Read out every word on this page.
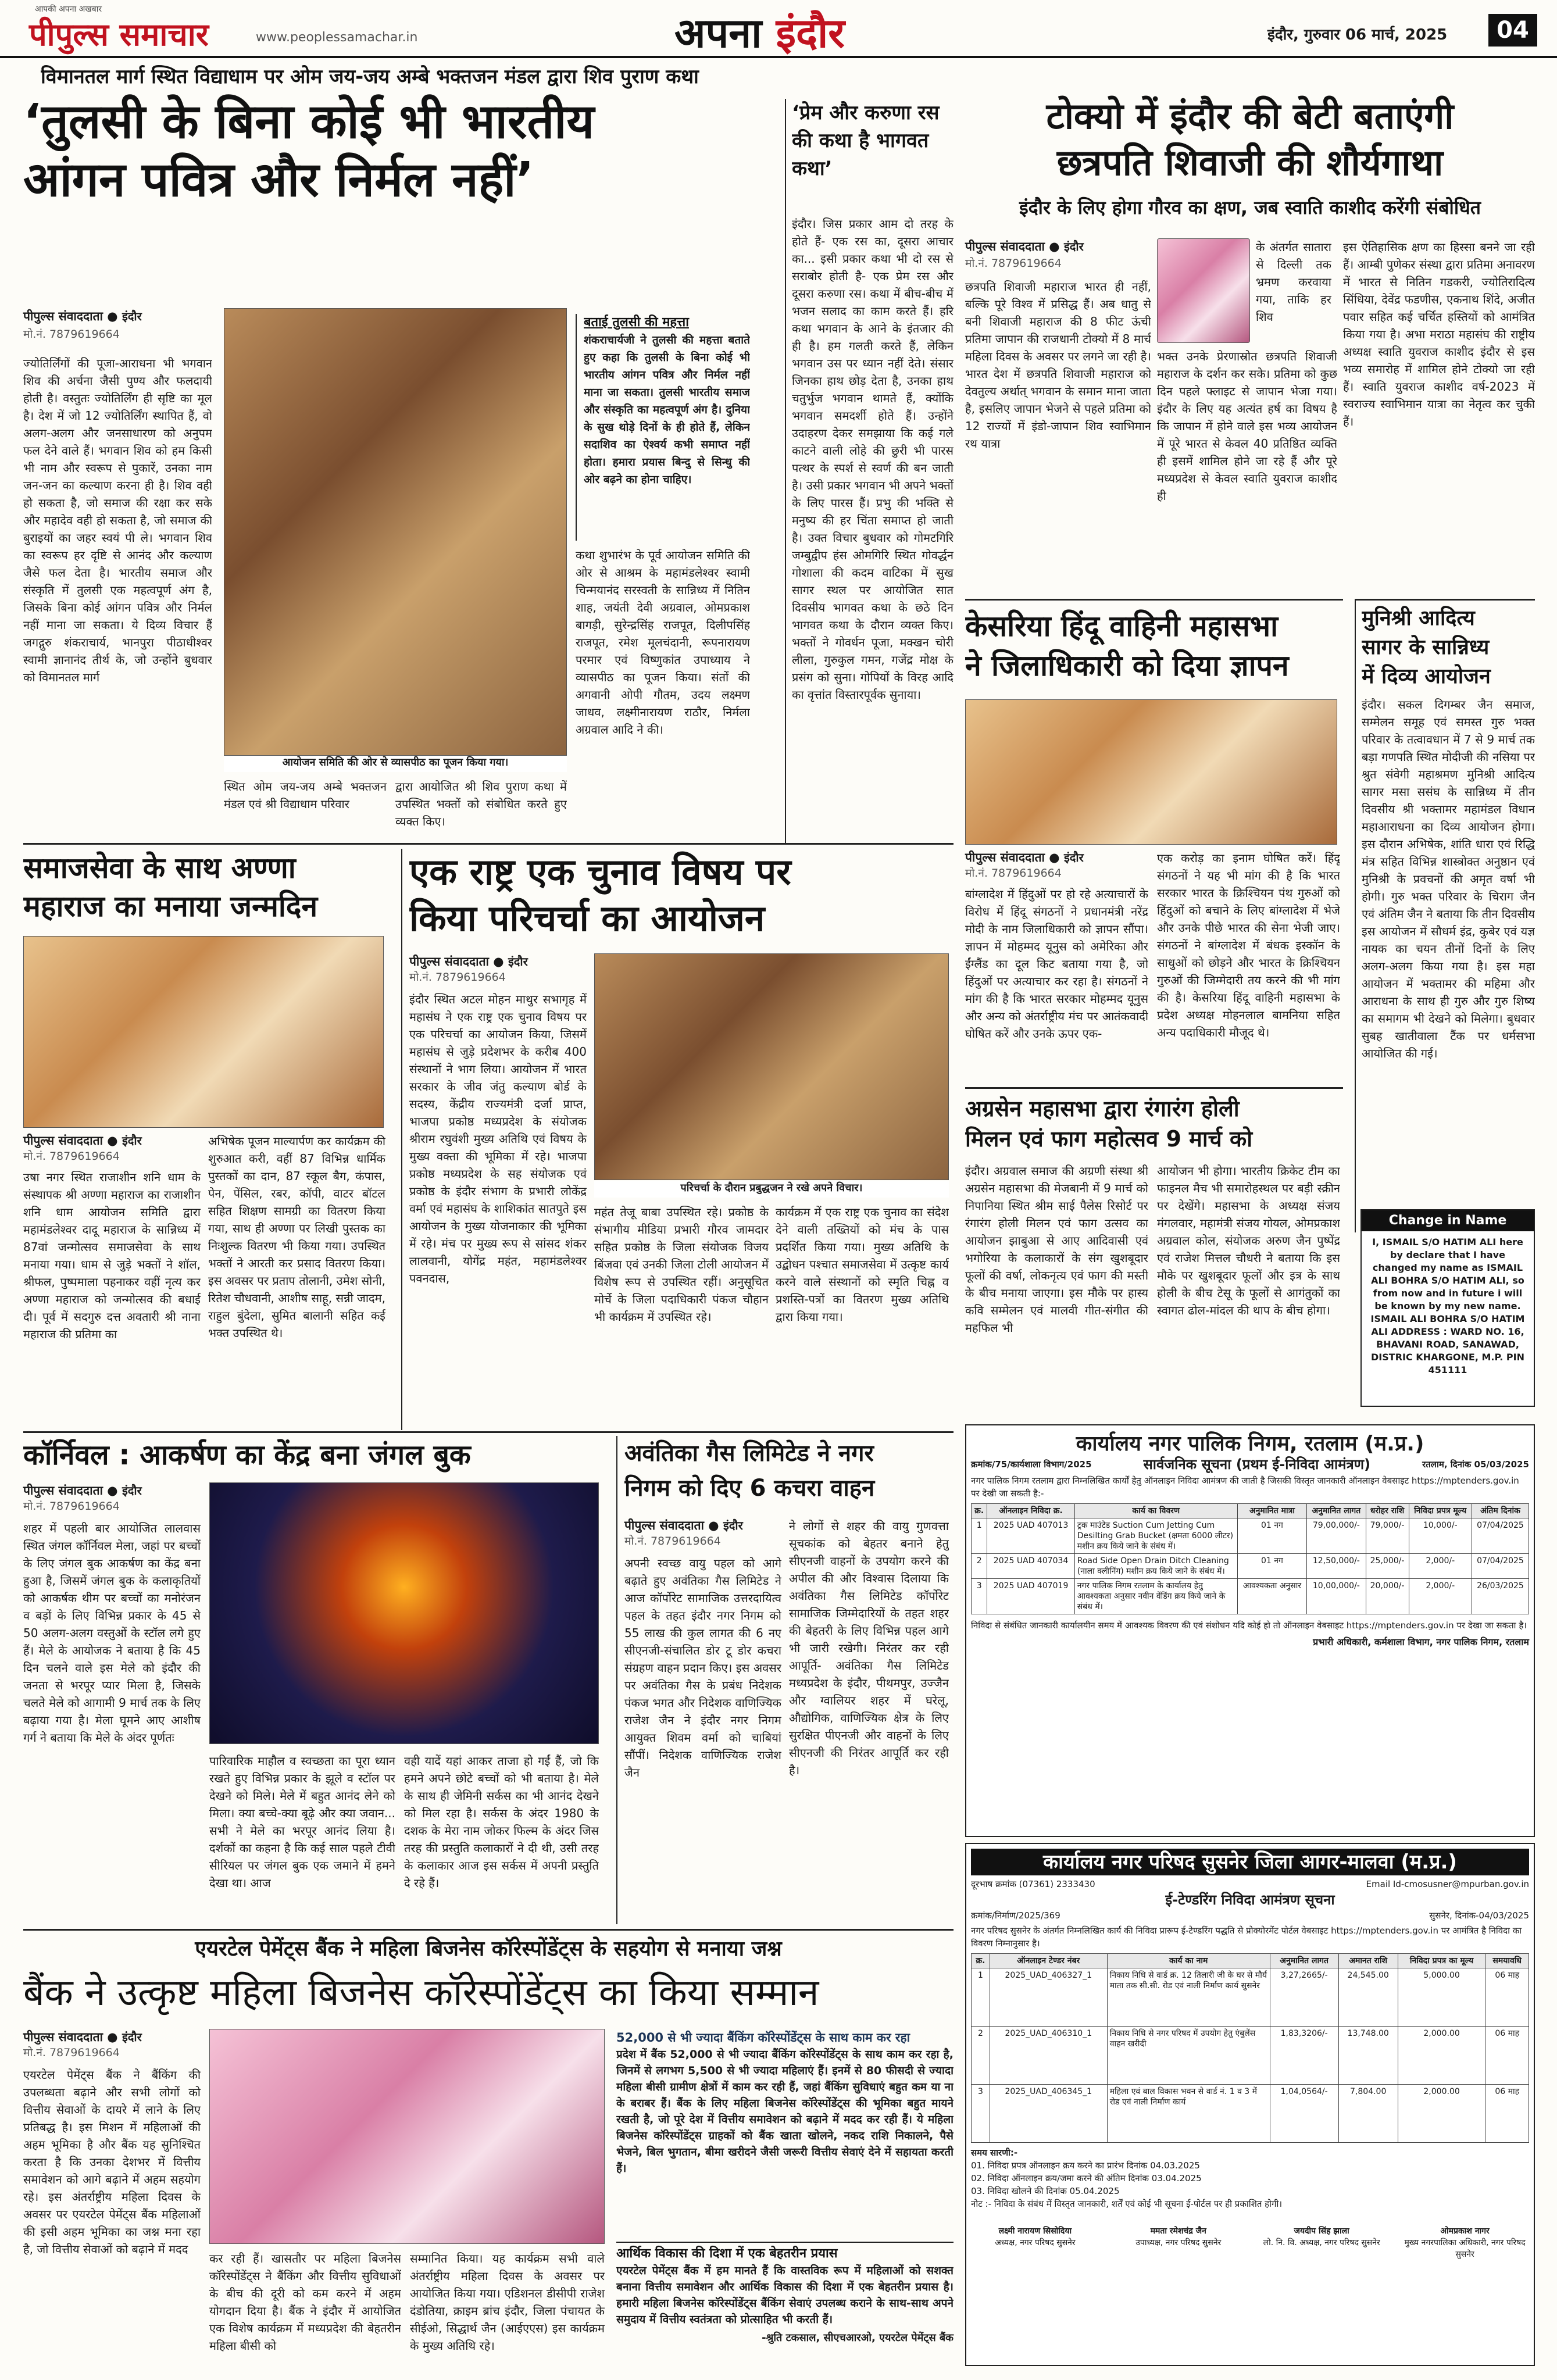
आपकी अपना अखबार
पीपुल्स समाचार	www.peoplessamachar.in	अपना इंदौर	इंदौर, गुरुवार 06 मार्च, 2025	04
विमानतल मार्ग स्थित विद्याधाम पर ओम जय-जय अम्बे भक्तजन मंडल द्वारा शिव पुराण कथा
‘तुलसी के बिना कोई भी भारतीय
आंगन पवित्र और निर्मल नहीं’
पीपुल्स संवाददाता ● इंदौर
मो.नं. 7879619664
ज्योतिर्लिंगों की पूजा-आराधना भी भगवान शिव की अर्चना जैसी पुण्य और फलदायी होती है। वस्तुतः ज्योतिर्लिंग ही सृष्टि का मूल है। देश में जो 12 ज्योतिर्लिंग स्थापित हैं, वो अलग-अलग और जनसाधारण को अनुपम फल देने वाले हैं। भगवान शिव को हम किसी भी नाम और स्वरूप से पुकारें, उनका नाम जन-जन का कल्याण करना ही है। शिव वही हो सकता है, जो समाज की रक्षा कर सके और महादेव वही हो सकता है, जो समाज की बुराइयों का जहर स्वयं पी ले। भगवान शिव का स्वरूप हर दृष्टि से आनंद और कल्याण जैसे फल देता है। भारतीय समाज और संस्कृति में तुलसी एक महत्वपूर्ण अंग है, जिसके बिना कोई आंगन पवित्र और निर्मल नहीं माना जा सकता। ये दिव्य विचार हैं जगद्गुरु शंकराचार्य, भानपुरा पीठाधीश्वर स्वामी ज्ञानानंद तीर्थ के, जो उन्होंने बुधवार को विमानतल मार्ग
आयोजन समिति की ओर से व्यासपीठ का पूजन किया गया।
बताई तुलसी की महत्ता
शंकराचार्यजी ने तुलसी की महत्ता बताते हुए कहा कि तुलसी के बिना कोई भी भारतीय आंगन पवित्र और निर्मल नहीं माना जा सकता। तुलसी भारतीय समाज और संस्कृति का महत्वपूर्ण अंग है। दुनिया के सुख थोड़े दिनों के ही होते हैं, लेकिन सदाशिव का ऐश्वर्य कभी समाप्त नहीं होता। हमारा प्रयास बिन्दु से सिन्धु की ओर बढ़ने का होना चाहिए।
कथा शुभारंभ के पूर्व आयोजन समिति की ओर से आश्रम के महामंडलेश्वर स्वामी चिन्मयानंद सरस्वती के सान्निध्य में नितिन शाह, जयंती देवी अग्रवाल, ओमप्रकाश बागड़ी, सुरेन्द्रसिंह राजपूत, दिलीपसिंह राजपूत, रमेश मूलचंदानी, रूपनारायण परमार एवं विष्णुकांत उपाध्याय ने व्यासपीठ का पूजन किया। संतों की अगवानी ओपी गौतम, उदय लक्ष्मण जाधव, लक्ष्मीनारायण राठौर, निर्मला अग्रवाल आदि ने की।
स्थित ओम जय-जय अम्बे भक्तजन मंडल एवं श्री विद्याधाम परिवार
द्वारा आयोजित श्री शिव पुराण कथा में उपस्थित भक्तों को संबोधित करते हुए व्यक्त किए।
‘प्रेम और करुणा रस की कथा है भागवत कथा’
इंदौर। जिस प्रकार आम दो तरह के होते हैं- एक रस का, दूसरा आचार का... इसी प्रकार कथा भी दो रस से सराबोर होती है- एक प्रेम रस और दूसरा करुणा रस। कथा में बीच-बीच में भजन सलाद का काम करते हैं। हरि कथा भगवान के आने के इंतजार की ही है। हम गलती करते हैं, लेकिन भगवान उस पर ध्यान नहीं देते। संसार जिनका हाथ छोड़ देता है, उनका हाथ चतुर्भुज भगवान थामते हैं, क्योंकि भगवान समदर्शी होते हैं। उन्होंने उदाहरण देकर समझाया कि कई गले काटने वाली लोहे की छुरी भी पारस पत्थर के स्पर्श से स्वर्ण की बन जाती है। उसी प्रकार भगवान भी अपने भक्तों के लिए पारस हैं। प्रभु की भक्ति से मनुष्य की हर चिंता समाप्त हो जाती है। उक्त विचार बुधवार को गोमटगिरि जम्बुद्वीप हंस ओमगिरि स्थित गोवर्द्धन गोशाला की कदम वाटिका में सुख सागर स्थल पर आयोजित सात दिवसीय भागवत कथा के छठे दिन भागवत कथा के दौरान व्यक्त किए। भक्तों ने गोवर्धन पूजा, मक्खन चोरी लीला, गुरुकुल गमन, गजेंद्र मोक्ष के प्रसंग को सुना। गोपियों के विरह आदि का वृत्तांत विस्तारपूर्वक सुनाया।
टोक्यो में इंदौर की बेटी बताएंगी
छत्रपति शिवाजी की शौर्यगाथा
इंदौर के लिए होगा गौरव का क्षण, जब स्वाति काशीद करेंगी संबोधित
पीपुल्स संवाददाता ● इंदौर
मो.नं. 7879619664
के अंतर्गत सातारा से दिल्ली तक भ्रमण करवाया गया, ताकि हर शिव
छत्रपति शिवाजी महाराज भारत ही नहीं, बल्कि पूरे विश्व में प्रसिद्ध हैं। अब धातु से बनी शिवाजी महाराज की 8 फीट ऊंची प्रतिमा जापान की राजधानी टोक्यो में 8 मार्च महिला दिवस के अवसर पर लगने जा रही है। भारत देश में छत्रपति शिवाजी महाराज को देवतुल्य अर्थात् भगवान के समान माना जाता है, इसलिए जापान भेजने से पहले प्रतिमा को 12 राज्यों में इंडो-जापान शिव स्वाभिमान रथ यात्रा
भक्त उनके प्रेरणास्रोत छत्रपति शिवाजी महाराज के दर्शन कर सके। प्रतिमा को कुछ दिन पहले फ्लाइट से जापान भेजा गया। इंदौर के लिए यह अत्यंत हर्ष का विषय है कि जापान में होने वाले इस भव्य आयोजन में पूरे भारत से केवल 40 प्रतिष्ठित व्यक्ति ही इसमें शामिल होने जा रहे हैं और पूरे मध्यप्रदेश से केवल स्वाति युवराज काशीद ही
इस ऐतिहासिक क्षण का हिस्सा बनने जा रही हैं। आम्बी पुणेकर संस्था द्वारा प्रतिमा अनावरण में भारत से नितिन गडकरी, ज्योतिरादित्य सिंधिया, देवेंद्र फडणीस, एकनाथ शिंदे, अजीत पवार सहित कई चर्चित हस्तियों को आमंत्रित किया गया है। अभा मराठा महासंघ की राष्ट्रीय अध्यक्ष स्वाति युवराज काशीद इंदौर से इस भव्य समारोह में शामिल होने टोक्यो जा रही हैं। स्वाति युवराज काशीद वर्ष-2023 में स्वराज्य स्वाभिमान यात्रा का नेतृत्व कर चुकी हैं।
केसरिया हिंदू वाहिनी महासभा
ने जिलाधिकारी को दिया ज्ञापन
पीपुल्स संवाददाता ● इंदौर
मो.नं. 7879619664
बांग्लादेश में हिंदुओं पर हो रहे अत्याचारों के विरोध में हिंदू संगठनों ने प्रधानमंत्री नरेंद्र मोदी के नाम जिलाधिकारी को ज्ञापन सौंपा। ज्ञापन में मोहम्मद यूनुस को अमेरिका और ईंग्लैंड का दूल किट बताया गया है, जो हिंदुओं पर अत्याचार कर रहा है। संगठनों ने मांग की है कि भारत सरकार मोहम्मद यूनुस और अन्य को अंतर्राष्ट्रीय मंच पर आतंकवादी घोषित करें और उनके ऊपर एक-
एक करोड़ का इनाम घोषित करें। हिंदू संगठनों ने यह भी मांग की है कि भारत सरकार भारत के क्रिश्चियन पंथ गुरुओं को हिंदुओं को बचाने के लिए बांग्लादेश में भेजे और उनके पीछे भारत की सेना भेजी जाए। संगठनों ने बांग्लादेश में बंधक इस्कॉन के साधुओं को छोड़ने और भारत के क्रिश्चियन गुरुओं की जिम्मेदारी तय करने की भी मांग की है। केसरिया हिंदू वाहिनी महासभा के प्रदेश अध्यक्ष मोहनलाल बामनिया सहित अन्य पदाधिकारी मौजूद थे।
मुनिश्री आदित्य
सागर के सान्निध्य
में दिव्य आयोजन
इंदौर। सकल दिगम्बर जैन समाज, सम्मेलन समूह एवं समस्त गुरु भक्त परिवार के तत्वावधान में 7 से 9 मार्च तक बड़ा गणपति स्थित मोदीजी की नसिया पर श्रुत संवेगी महाश्रमण मुनिश्री आदित्य सागर मसा ससंघ के सान्निध्य में तीन दिवसीय श्री भक्तामर महामंडल विधान महाआराधना का दिव्य आयोजन होगा। इस दौरान अभिषेक, शांति धारा एवं रिद्धि मंत्र सहित विभिन्न शास्त्रोक्त अनुष्ठान एवं मुनिश्री के प्रवचनों की अमृत वर्षा भी होगी। गुरु भक्त परिवार के चिराग जैन एवं अंतिम जैन ने बताया कि तीन दिवसीय इस आयोजन में सौधर्म इंद्र, कुबेर एवं यज्ञ नायक का चयन तीनों दिनों के लिए अलग-अलग किया गया है। इस महा आयोजन में भक्तामर की महिमा और आराधना के साथ ही गुरु और गुरु शिष्य का समागम भी देखने को मिलेगा। बुधवार सुबह खातीवाला टैंक पर धर्मसभा आयोजित की गई।
अग्रसेन महासभा द्वारा रंगारंग होली
मिलन एवं फाग महोत्सव 9 मार्च को
इंदौर। अग्रवाल समाज की अग्रणी संस्था श्री अग्रसेन महासभा की मेजबानी में 9 मार्च को निपानिया स्थित श्रीम साई पैलेस रिसोर्ट पर रंगारंग होली मिलन एवं फाग उत्सव का आयोजन झाबुआ से आए आदिवासी एवं भगोरिया के कलाकारों के संग खुशबूदार फूलों की वर्षा, लोकनृत्य एवं फाग की मस्ती के बीच मनाया जाएगा। इस मौके पर हास्य कवि सम्मेलन एवं मालवी गीत-संगीत की महफिल भी
आयोजन भी होगा। भारतीय क्रिकेट टीम का फाइनल मैच भी समारोहस्थल पर बड़ी स्क्रीन पर देखेंगे। महासभा के अध्यक्ष संजय मंगलवार, महामंत्री संजय गोयल, ओमप्रकाश अग्रवाल कोल, संयोजक अरुण जैन पुष्पेंद्र एवं राजेश मित्तल चौधरी ने बताया कि इस मौके पर खुशबूदार फूलों और इत्र के साथ होली के बीच टेसू के फूलों से आगंतुकों का स्वागत ढोल-मांदल की थाप के बीच होगा।
Change in Name
I, ISMAIL S/O HATIM ALI here by declare that I have changed my name as ISMAIL ALI BOHRA S/O HATIM ALI, so from now and in future i will be known by my new name. ISMAIL ALI BOHRA S/O HATIM ALI ADDRESS : WARD NO. 16, BHAVANI ROAD, SANAWAD, DISTRIC KHARGONE, M.P. PIN 451111
समाजसेवा के साथ अण्णा
महाराज का मनाया जन्मदिन
पीपुल्स संवाददाता ● इंदौर
मो.नं. 7879619664
उषा नगर स्थित राजाशीन शनि धाम के संस्थापक श्री अण्णा महाराज का राजाशीन शनि धाम आयोजन समिति द्वारा महामंडलेश्वर दादू महाराज के सान्निध्य में 87वां जन्मोत्सव समाजसेवा के साथ मनाया गया। धाम से जुड़े भक्तों ने शॉल, श्रीफल, पुष्पमाला पहनाकर वहीं नृत्य कर अण्णा महाराज को जन्मोत्सव की बधाई दी। पूर्व में सदगुरु दत्त अवतारी श्री नाना महाराज की प्रतिमा का
अभिषेक पूजन माल्यार्पण कर कार्यक्रम की शुरुआत करी, वहीं 87 विभिन्न धार्मिक पुस्तकों का दान, 87 स्कूल बैग, कंपास, पेन, पेंसिल, रबर, कॉपी, वाटर बॉटल सहित शिक्षण सामग्री का वितरण किया गया, साथ ही अण्णा पर लिखी पुस्तक का निःशुल्क वितरण भी किया गया। उपस्थित भक्तों ने आरती कर प्रसाद वितरण किया। इस अवसर पर प्रताप तोलानी, उमेश सोनी, रितेश चौधवानी, आशीष साहू, सन्नी जादम, राहुल बुंदेला, सुमित बालानी सहित कई भक्त उपस्थित थे।
एक राष्ट्र एक चुनाव विषय पर
किया परिचर्चा का आयोजन
पीपुल्स संवाददाता ● इंदौर
मो.नं. 7879619664
इंदौर स्थित अटल मोहन माथुर सभागृह में महासंघ ने एक राष्ट्र एक चुनाव विषय पर एक परिचर्चा का आयोजन किया, जिसमें महासंघ से जुड़े प्रदेशभर के करीब 400 संस्थानों ने भाग लिया। आयोजन में भारत सरकार के जीव जंतु कल्याण बोर्ड के सदस्य, केंद्रीय राज्यमंत्री दर्जा प्राप्त, भाजपा प्रकोष्ठ मध्यप्रदेश के संयोजक श्रीराम रघुवंशी मुख्य अतिथि एवं विषय के मुख्य वक्ता की भूमिका में रहे। भाजपा प्रकोष्ठ मध्यप्रदेश के सह संयोजक एवं प्रकोष्ठ के इंदौर संभाग के प्रभारी लोकेंद्र वर्मा एवं महासंघ के शाशिकांत सातपुते इस आयोजन के मुख्य योजनाकार की भूमिका में रहे। मंच पर मुख्य रूप से सांसद शंकर लालवानी, योगेंद्र महंत, महामंडलेश्वर पवनदास,
परिचर्चा के दौरान प्रबुद्धजन ने रखे अपने विचार।
महंत तेजू बाबा उपस्थित रहे। प्रकोष्ठ के संभागीय मीडिया प्रभारी गौरव जामदार सहित प्रकोष्ठ के जिला संयोजक विजय बिंजवा एवं उनकी जिला टोली आयोजन में विशेष रूप से उपस्थित रहीं। अनुसूचित मोर्चे के जिला पदाधिकारी पंकज चौहान भी कार्यक्रम में उपस्थित रहे।
कार्यक्रम में एक राष्ट्र एक चुनाव का संदेश देने वाली तख्तियों को मंच के पास प्रदर्शित किया गया। मुख्य अतिथि के उद्बोधन पश्चात समाजसेवा में उत्कृष्ट कार्य करने वाले संस्थानों को स्मृति चिह्न व प्रशस्ति-पत्रों का वितरण मुख्य अतिथि द्वारा किया गया।
कॉर्निवल : आकर्षण का केंद्र बना जंगल बुक
पीपुल्स संवाददाता ● इंदौर
मो.नं. 7879619664
शहर में पहली बार आयोजित लालवास स्थित जंगल कॉर्निवल मेला, जहां पर बच्चों के लिए जंगल बुक आकर्षण का केंद्र बना हुआ है, जिसमें जंगल बुक के कलाकृतियों को आकर्षक थीम पर बच्चों का मनोरंजन व बड़ों के लिए विभिन्न प्रकार के 45 से 50 अलग-अलग वस्तुओं के स्टॉल लगे हुए हैं। मेले के आयोजक ने बताया है कि 45 दिन चलने वाले इस मेले को इंदौर की जनता से भरपूर प्यार मिला है, जिसके चलते मेले को आगामी 9 मार्च तक के लिए बढ़ाया गया है। मेला घूमने आए आशीष गर्ग ने बताया कि मेले के अंदर पूर्णतः
पारिवारिक माहौल व स्वच्छता का पूरा ध्यान रखते हुए विभिन्न प्रकार के झूले व स्टॉल पर देखने को मिले। मेले में बहुत आनंद लेने को मिला। क्या बच्चे-क्या बूढ़े और क्या जवान... सभी ने मेले का भरपूर आनंद लिया है। दर्शकों का कहना है कि कई साल पहले टीवी सीरियल पर जंगल बुक एक जमाने में हमने देखा था। आज
वही यादें यहां आकर ताजा हो गईं हैं, जो कि हमने अपने छोटे बच्चों को भी बताया है। मेले के साथ ही जेमिनी सर्कस का भी आनंद देखने को मिल रहा है। सर्कस के अंदर 1980 के दशक के मेरा नाम जोकर फिल्म के अंदर जिस तरह की प्रस्तुति कलाकारों ने दी थी, उसी तरह के कलाकार आज इस सर्कस में अपनी प्रस्तुति दे रहे हैं।
अवंतिका गैस लिमिटेड ने नगर
निगम को दिए 6 कचरा वाहन
पीपुल्स संवाददाता ● इंदौर
मो.नं. 7879619664
अपनी स्वच्छ वायु पहल को आगे बढ़ाते हुए अवंतिका गैस लिमिटेड ने आज कॉर्पोरेट सामाजिक उत्तरदायित्व पहल के तहत इंदौर नगर निगम को 55 लाख की कुल लागत की 6 नए सीएनजी-संचालित डोर टू डोर कचरा संग्रहण वाहन प्रदान किए। इस अवसर पर अवंतिका गैस के प्रबंध निदेशक पंकज भगत और निदेशक वाणिज्यिक राजेश जैन ने इंदौर नगर निगम आयुक्त शिवम वर्मा को चाबियां सौंपीं। निदेशक वाणिज्यिक राजेश जैन
ने लोगों से शहर की वायु गुणवत्ता सूचकांक को बेहतर बनाने हेतु सीएनजी वाहनों के उपयोग करने की अपील की और विश्वास दिलाया कि अवंतिका गैस लिमिटेड कॉर्पोरेट सामाजिक जिम्मेदारियों के तहत शहर की बेहतरी के लिए विभिन्न पहल आगे भी जारी रखेगी। निरंतर कर रही आपूर्ति- अवंतिका गैस लिमिटेड मध्यप्रदेश के इंदौर, पीथमपुर, उज्जैन और ग्वालियर शहर में घरेलू, औद्योगिक, वाणिज्यिक क्षेत्र के लिए सुरक्षित पीएनजी और वाहनों के लिए सीएनजी की निरंतर आपूर्ति कर रही है।
एयरटेल पेमेंट्स बैंक ने महिला बिजनेस कॉरेस्पोंडेंट्स के सहयोग से मनाया जश्न
बैंक ने उत्कृष्ट महिला बिजनेस कॉरेस्पोंडेंट्स का किया सम्मान
पीपुल्स संवाददाता ● इंदौर
मो.नं. 7879619664
एयरटेल पेमेंट्स बैंक ने बैंकिंग की उपलब्धता बढ़ाने और सभी लोगों को वित्तीय सेवाओं के दायरे में लाने के लिए प्रतिबद्ध है। इस मिशन में महिलाओं की अहम भूमिका है और बैंक यह सुनिश्चित करता है कि उनका देशभर में वित्तीय समावेशन को आगे बढ़ाने में अहम सहयोग रहे। इस अंतर्राष्ट्रीय महिला दिवस के अवसर पर एयरटेल पेमेंट्स बैंक महिलाओं की इसी अहम भूमिका का जश्न मना रहा है, जो वित्तीय सेवाओं को बढ़ाने में मदद
कर रही हैं। खासतौर पर महिला बिजनेस कॉरेस्पोंडेंट्स ने बैंकिंग और वित्तीय सुविधाओं के बीच की दूरी को कम करने में अहम योगदान दिया है। बैंक ने इंदौर में आयोजित एक विशेष कार्यक्रम में मध्यप्रदेश की बेहतरीन महिला बीसी को
सम्मानित किया। यह कार्यक्रम सभी वाले अंतर्राष्ट्रीय महिला दिवस के अवसर पर आयोजित किया गया। एडिशनल डीसीपी राजेश दंडोतिया, क्राइम ब्रांच इंदौर, जिला पंचायत के सीईओ, सिद्धार्थ जैन (आईएएस) इस कार्यक्रम के मुख्य अतिथि रहे।
52,000 से भी ज्यादा बैंकिंग कॉरेस्पोंडेंट्स के साथ काम कर रहा
प्रदेश में बैंक 52,000 से भी ज्यादा बैंकिंग कॉरेस्पोंडेंट्स के साथ काम कर रहा है, जिनमें से लगभग 5,500 से भी ज्यादा महिलाएं हैं। इनमें से 80 फीसदी से ज्यादा महिला बीसी ग्रामीण क्षेत्रों में काम कर रही हैं, जहां बैंकिंग सुविधाएं बहुत कम या ना के बराबर हैं। बैंक के लिए महिला बिजनेस कॉरेस्पोंडेंट्स की भूमिका बहुत मायने रखती है, जो पूरे देश में वित्तीय समावेशन को बढ़ाने में मदद कर रही हैं। ये महिला बिजनेस कॉरेस्पोंडेंट्स ग्राहकों को बैंक खाता खोलने, नकद राशि निकालने, पैसे भेजने, बिल भुगतान, बीमा खरीदने जैसी जरूरी वित्तीय सेवाएं देने में सहायता करती हैं।
आर्थिक विकास की दिशा में एक बेहतरीन प्रयास
एयरटेल पेमेंट्स बैंक में हम मानते हैं कि वास्तविक रूप में महिलाओं को सशक्त बनाना वित्तीय समावेशन और आर्थिक विकास की दिशा में एक बेहतरीन प्रयास है। हमारी महिला बिजनेस कॉरेस्पोंडेंट्स बैंकिंग सेवाएं उपलब्ध कराने के साथ-साथ अपने समुदाय में वित्तीय स्वतंत्रता को प्रोत्साहित भी करती हैं।
-श्रुति टकसाल, सीएचआरओ, एयरटेल पेमेंट्स बैंक
कार्यालय नगर पालिक निगम, रतलाम (म.प्र.)
क्रमांक/75/कार्यशाला विभाग/2025	सार्वजनिक सूचना (प्रथम ई-निविदा आमंत्रण)	रतलाम, दिनांक 05/03/2025
नगर पालिक निगम रतलाम द्वारा निम्नलिखित कार्यों हेतु ऑनलाइन निविदा आमंत्रण की जाती है जिसकी विस्तृत जानकारी ऑनलाइन वेबसाइट https://mptenders.gov.in पर देखी जा सकती है:-
क्र.	ऑनलाइन निविदा क्र.	कार्य का विवरण	अनुमानित मात्रा	अनुमानित लागत	धरोहर राशि	निविदा प्रपत्र मूल्य	अंतिम दिनांक
1	2025 UAD 407013	ट्रक माउंटेड Suction Cum Jetting Cum Desilting Grab Bucket (क्षमता 6000 लीटर) मशीन क्रय किये जाने के संबंध में।	01 नग	79,00,000/-	79,000/-	10,000/-	07/04/2025
2	2025 UAD 407034	Road Side Open Drain Ditch Cleaning (नाला क्लीनिंग) मशीन क्रय किये जाने के संबंध में।	01 नग	12,50,000/-	25,000/-	2,000/-	07/04/2025
3	2025 UAD 407019	नगर पालिक निगम रतलाम के कार्यालय हेतु आवश्यकता अनुसार नवीन वेंडिंग क्रय किये जाने के संबंध में।	आवश्यकता अनुसार	10,00,000/-	20,000/-	2,000/-	26/03/2025
निविदा से संबंधित जानकारी कार्यालयीन समय में आवश्यक विवरण की एवं संशोधन यदि कोई हो तो ऑनलाइन वेबसाइट https://mptenders.gov.in पर देखा जा सकता है।
प्रभारी अधिकारी, कर्मशाला विभाग, नगर पालिक निगम, रतलाम
कार्यालय नगर परिषद सुसनेर जिला आगर-मालवा (म.प्र.)
दूरभाष क्रमांक (07361) 2333430	Email Id-cmosusner@mpurban.gov.in
ई-टेण्डरिंग निविदा आमंत्रण सूचना
क्रमांक/निर्माण/2025/369	सुसनेर, दिनांक-04/03/2025
नगर परिषद सुसनेर के अंतर्गत निम्नलिखित कार्य की निविदा प्रारूप ई-टेण्डरिंग पद्धति से प्रोक्योरमेंट पोर्टल वेबसाइट https://mptenders.gov.in पर आमंत्रित है निविदा का विवरण निम्नानुसार है।
क्र.	ऑनलाइन टेण्डर नंबर	कार्य का नाम	अनुमानित लागत	अमानत राशि	निविदा प्रपत्र का मूल्य	समयावधि
1	2025_UAD_406327_1	निकाय निधि से वार्ड क्र. 12 तिलारी जी के घर से मौर्य माता तक सी.सी. रोड एवं नाली निर्माण कार्य सुसनेर	3,27,2665/-	24,545.00	5,000.00	06 माह
2	2025_UAD_406310_1	निकाय निधि से नगर परिषद में उपयोग हेतु एंबुलेंस वाहन खरीदी	1,83,3206/-	13,748.00	2,000.00	06 माह
3	2025_UAD_406345_1	महिला एवं बाल विकास भवन से वार्ड नं. 1 व 3 में रोड एवं नाली निर्माण कार्य	1,04,0564/-	7,804.00	2,000.00	06 माह
समय सारणी:-
01. निविदा प्रपत्र ऑनलाइन क्रय करने का प्रारंभ दिनांक 04.03.2025
02. निविदा ऑनलाइन क्रय/जमा करने की अंतिम दिनांक 03.04.2025
03. निविदा खोलने की दिनांक 05.04.2025
नोट :- निविदा के संबंध में विस्तृत जानकारी, शर्तें एवं कोई भी सूचना ई-पोर्टल पर ही प्रकाशित होगी।
लक्ष्मी नारायण सिसोदिया
अध्यक्ष, नगर परिषद सुसनेर
ममता रमेशचंद्र जैन
उपाध्यक्ष, नगर परिषद सुसनेर
जयदीप सिंह झाला
लो. नि. वि. अध्यक्ष, नगर परिषद सुसनेर
ओमप्रकाश नागर
मुख्य नगरपालिका अधिकारी, नगर परिषद सुसनेर
